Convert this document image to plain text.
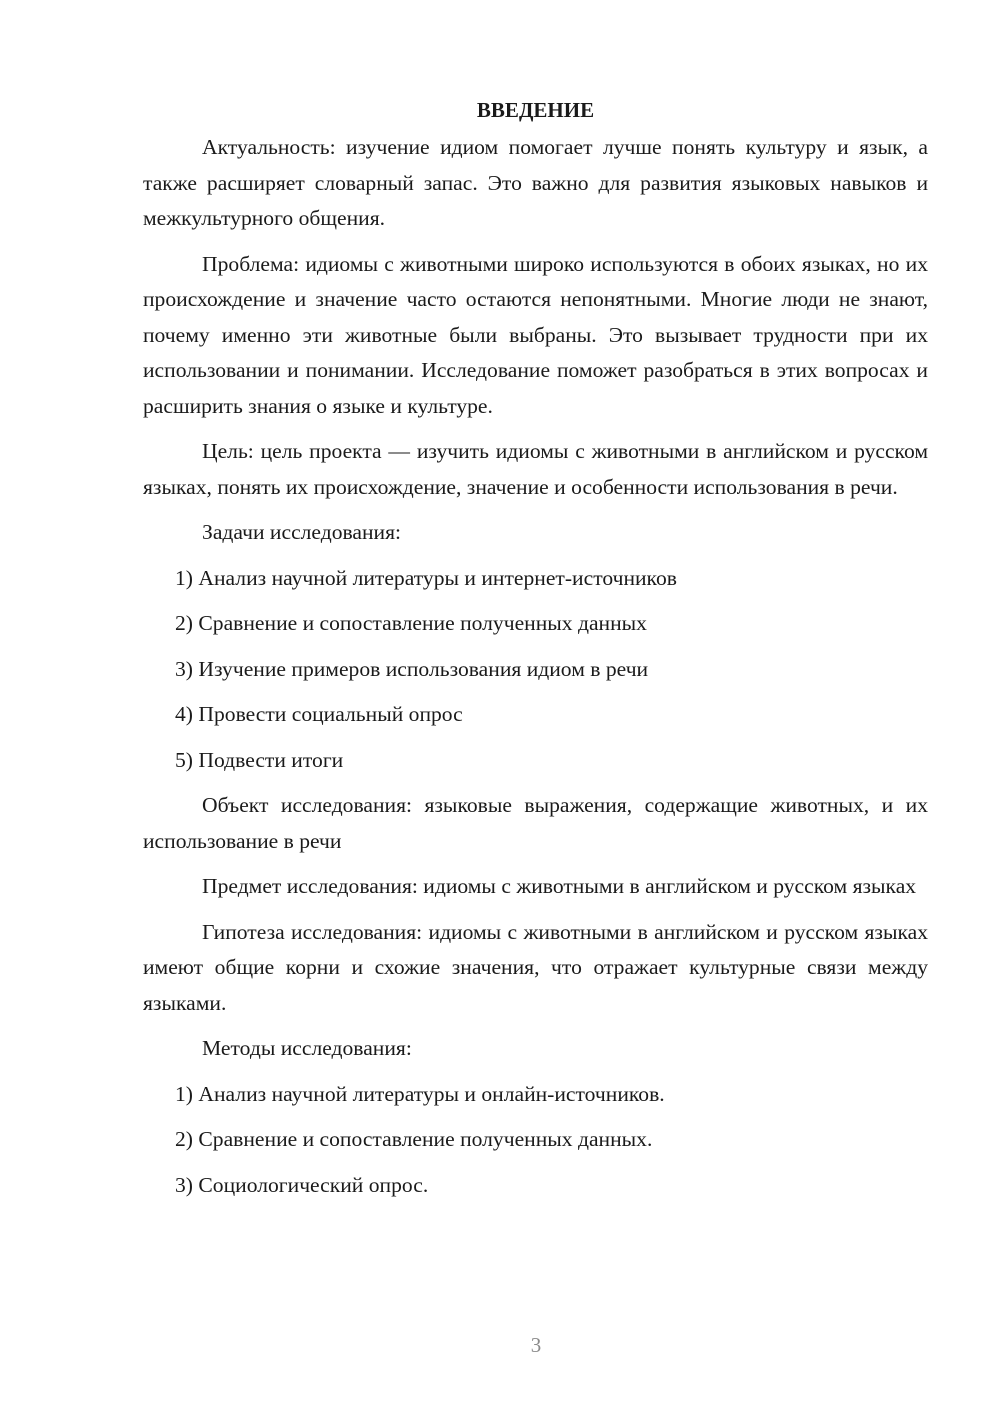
ВВЕДЕНИЕ

Актуальность: изучение идиом помогает лучше понять культуру и язык, а также расширяет словарный запас. Это важно для развития языковых навыков и межкультурного общения.

Проблема: идиомы с животными широко используются в обоих языках, но их происхождение и значение часто остаются непонятными. Многие люди не знают, почему именно эти животные были выбраны. Это вызывает трудности при их использовании и понимании. Исследование поможет разобраться в этих вопросах и расширить знания о языке и культуре.

Цель: цель проекта — изучить идиомы с животными в английском и русском языках, понять их происхождение, значение и особенности использования в речи.

Задачи исследования:
1) Анализ научной литературы и интернет-источников
2) Сравнение и сопоставление полученных данных
3) Изучение примеров использования идиом в речи
4) Провести социальный опрос
5) Подвести итоги

Объект исследования: языковые выражения, содержащие животных, и их использование в речи

Предмет исследования: идиомы с животными в английском и русском языках

Гипотеза исследования: идиомы с животными в английском и русском языках имеют общие корни и схожие значения, что отражает культурные связи между языками.

Методы исследования:
1) Анализ научной литературы и онлайн-источников.
2) Сравнение и сопоставление полученных данных.
3) Социологический опрос.
3
